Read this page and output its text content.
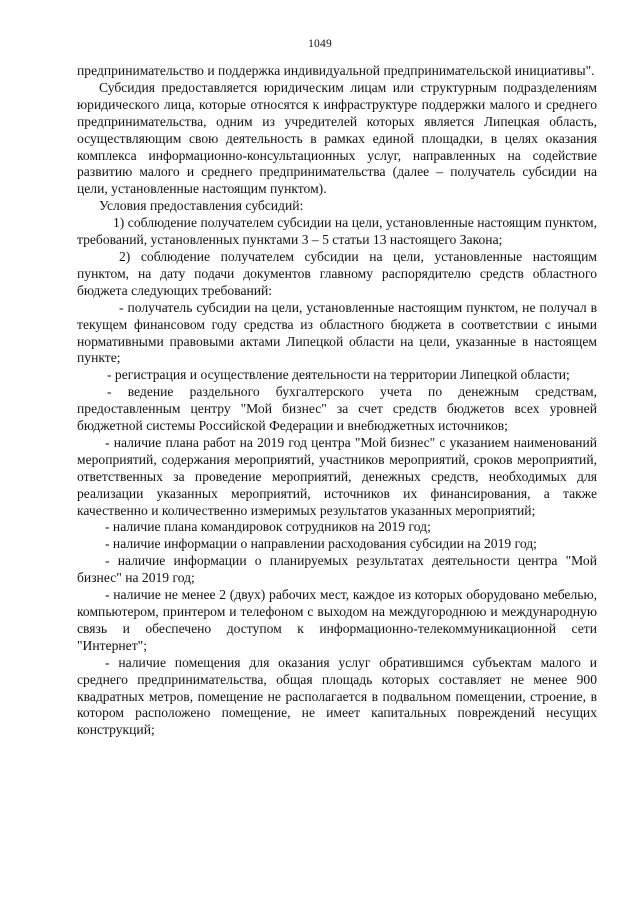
1049

предпринимательство и поддержка индивидуальной предпринимательской инициативы".

Субсидия предоставляется юридическим лицам или структурным подразделениям юридического лица, которые относятся к инфраструктуре поддержки малого и среднего предпринимательства, одним из учредителей которых является Липецкая область, осуществляющим свою деятельность в рамках единой площадки, в целях оказания комплекса информационно-консультационных услуг, направленных на содействие развитию малого и среднего предпринимательства (далее – получатель субсидии на цели, установленные настоящим пунктом).

Условия предоставления субсидий:

1) соблюдение получателем субсидии на цели, установленные настоящим пунктом, требований, установленных пунктами 3 – 5 статьи 13 настоящего Закона;

2) соблюдение получателем субсидии на цели, установленные настоящим пунктом, на дату подачи документов главному распорядителю средств областного бюджета следующих требований:

- получатель субсидии на цели, установленные настоящим пунктом, не получал в текущем финансовом году средства из областного бюджета в соответствии с иными нормативными правовыми актами Липецкой области на цели, указанные в настоящем пункте;

- регистрация и осуществление деятельности на территории Липецкой области;

- ведение раздельного бухгалтерского учета по денежным средствам, предоставленным центру "Мой бизнес" за счет средств бюджетов всех уровней бюджетной системы Российской Федерации и внебюджетных источников;

- наличие плана работ на 2019 год центра "Мой бизнес" с указанием наименований мероприятий, содержания мероприятий, участников мероприятий, сроков мероприятий, ответственных за проведение мероприятий, денежных средств, необходимых для реализации указанных мероприятий, источников их финансирования, а также качественно и количественно измеримых результатов указанных мероприятий;

- наличие плана командировок сотрудников на 2019 год;

- наличие информации о направлении расходования субсидии на 2019 год;

- наличие информации о планируемых результатах деятельности центра "Мой бизнес" на 2019 год;

- наличие не менее 2 (двух) рабочих мест, каждое из которых оборудовано мебелью, компьютером, принтером и телефоном с выходом на междугороднюю и международную связь и обеспечено доступом к информационно-телекоммуникационной сети "Интернет";

- наличие помещения для оказания услуг обратившимся субъектам малого и среднего предпринимательства, общая площадь которых составляет не менее 900 квадратных метров, помещение не располагается в подвальном помещении, строение, в котором расположено помещение, не имеет капитальных повреждений несущих конструкций;
